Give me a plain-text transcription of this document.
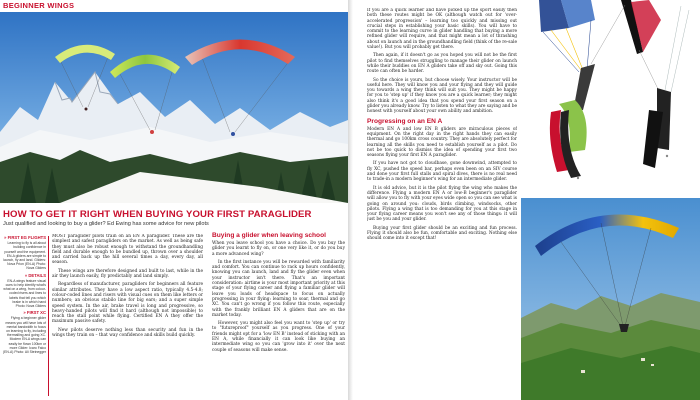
BEGINNER WINGS
HOW TO GET IT RIGHT WHEN BUYING YOUR FIRST PARAGLIDER
Just qualified and looking to buy a glider? Ed Ewing has some advice for new pilots
» FIRST EG FLIGHTS

Learning to fly is all about building confidence in yourself and the equipment. EN-A gliders are simple to launch, fly and land. Gliders: Nova Prion (EN-A) Photo: Nova Gliders

» DETAILS

EN-A wings feature visual cues to help identify what's what on a wing, from colour-coded risers and lines to labels that tell you which brake is in which hand Photo: Nova Gliders

» FIRST XC

Flying a beginner glider means you will have lots of mental bandwidth to focus on learning to fly, including thermalling and going XC. Modern EN-A wings can easily be flown 100km or more Glider: Icaro Falco (EN-A) Photo: Ali Steinegger

MOST paraglider pilots train on an EN A paraglider. These are the simplest and safest paragliders on the market. As well as being safe they must also be robust enough to withstand the groundhandling field and durable enough to be bundled up, thrown over a shoulder and carried back up the hill several times a day, every day, all season.

These wings are therefore designed and built to last, while in the air they launch easily, fly predictably and land simply.

Regardless of manufacturer, paragliders for beginners all feature similar attributes. They have a low aspect ratio, typically 4.5-4.8; colour-coded lines and risers with visual cues on them like letters or numbers; an obvious stabilo line for big ears; and a super simple speed system. In the air, brake travel is long and progressive, so heavy-handed pilots will find it hard (although not impossible) to reach the stall point while flying. Certified EN A they offer the maximum passive safety.

New pilots deserve nothing less than security and fun in the wings they train on – that way confidence and skills build quickly.

Buying a glider when leaving school

When you leave school you have a choice. Do you buy the glider you learnt to fly on, or one very like it, or do you buy a more advanced wing?

In the first instance you will be rewarded with familiarity and comfort. You can continue to rack up hours confidently, knowing you can launch, land and fly the glider even when your instructor isn't there. That's an important consideration: airtime is your most important priority at this stage of your flying career and flying a familiar glider will leave you loads of headspace to focus on actually progressing in your flying: learning to soar, thermal and go XC. You can't go wrong if you follow this route, especially with the frankly brilliant EN A gliders that are on the market today.

However, you might also feel you want to 'step up' or try to "futureproof" yourself as you progress. One of your friends might opt for a 'low EN B' instead of sticking with an EN A, while financially it can look like buying an intermediate wing so you can 'grow into it' over the next couple of seasons will make sense.

If you are a quick learner and have picked up the sport easily then both these routes might be OK (although watch out for 'over-accelerated progression' – learning too quickly and missing out crucial steps in establishing your basic skills). You will have to commit to the learning curve in glider handling that buying a more refined glider will require, and that might mean a lot of thrashing about on launch and in the groundhandling field (think of the re-sale value!). But you will probably get there.

Then again, if it doesn't go as you hoped you will not be the first pilot to find themselves struggling to manage their glider on launch while their buddies on EN A gliders take off and sky out. Going this route can often be harder.

So the choice is yours, but choose wisely. Your instructor will be useful here. They will know you and your flying and they will guide you towards a wing they think will suit you. They might be happy for you to 'step up' if they know you are a quick learner; they might also think it's a good idea that you spend your first season on a glider you already know. Try to listen to what they are saying and be honest with yourself about your own ability and ambition.

Progressing on an EN A

Modern EN A and low EN B gliders are miraculous pieces of equipment. On the right day in the right hands they can easily thermal and go 100km cross country. They are absolutely perfect for learning all the skills you need to establish yourself as a pilot. Do not be too quick to dismiss the idea of spending your first two seasons flying your first EN A paraglider.

If you have not got to cloudbase, gone downwind, attempted to fly XC, pushed the speed bar, perhaps even been on an SIV course and done your first full stalls and spiral dives, there is no real need to trade-in a modern beginner's wing for an intermediate glider.

It is old advice, but it is the pilot flying the wing who makes the difference. Flying a modern EN A or low-B beginner's paraglider will allow you to fly with your eyes wide open so you can see what is going on around you: clouds, birds climbing, windsocks, other pilots. Flying a wing that is too demanding for you at this stage in your flying career means you won't see any of those things: it will just be you and your glider.

Buying your first glider should be an exciting and fun process. Flying it should also be fun, comfortable and exciting. Nothing else should come into it except that!
